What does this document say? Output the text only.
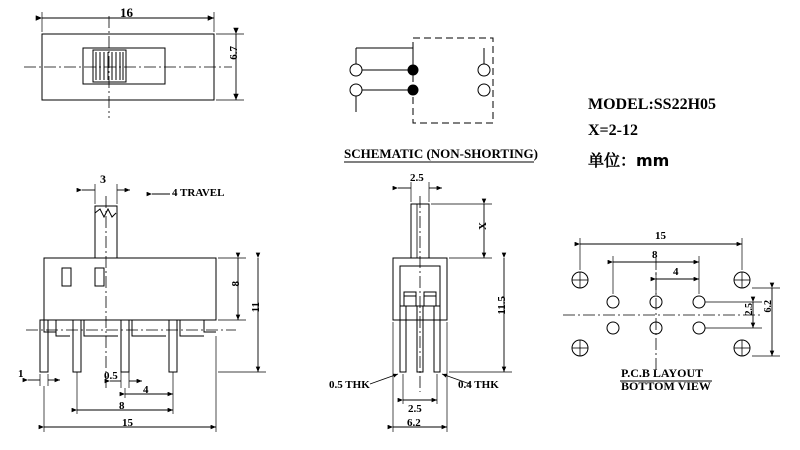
16
6.7
SCHEMATIC (NON-SHORTING)
MODEL:SS22H05
X=2-12
单位：mm
3
4 TRAVEL
8
11
1	0.5
4
8
15
2.5
X
11.5
0.5 THK	0.4 THK
2.5
6.2
15
8
4
2.5 6.2
P.C.B LAYOUT
BOTTOM VIEW
